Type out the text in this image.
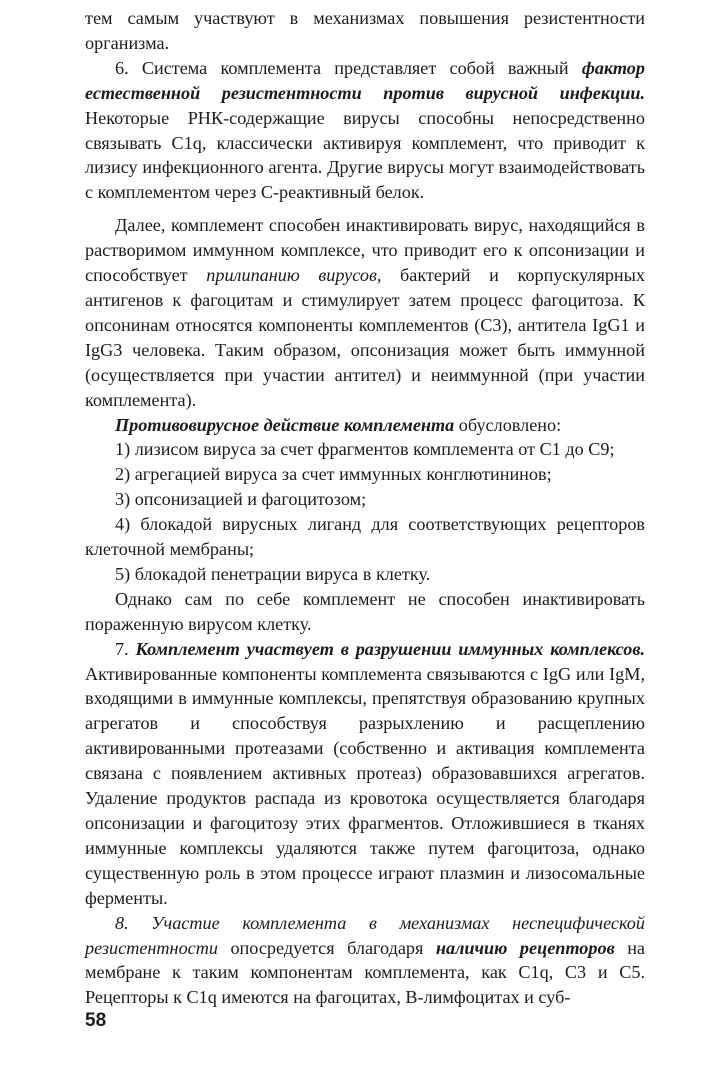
тем самым участвуют в механизмах повышения резистентности организма.

6. Система комплемента представляет собой важный фактор естественной резистентности против вирусной инфекции. Некоторые РНК-содержащие вирусы способны непосредственно связывать C1q, классически активируя комплемент, что приводит к лизису инфекционного агента. Другие вирусы могут взаимодействовать с комплементом через С-реактивный белок.

Далее, комплемент способен инактивировать вирус, находящийся в растворимом иммунном комплексе, что приводит его к опсонизации и способствует прилипанию вирусов, бактерий и корпускулярных антигенов к фагоцитам и стимулирует затем процесс фагоцитоза. К опсонинам относятся компоненты комплементов (C3), антитела IgG1 и IgG3 человека. Таким образом, опсонизация может быть иммунной (осуществляется при участии антител) и неиммунной (при участии комплемента).

Противовирусное действие комплемента обусловлено:

1) лизисом вируса за счет фрагментов комплемента от C1 до C9;

2) агрегацией вируса за счет иммунных конглютининов;

3) опсонизацией и фагоцитозом;

4) блокадой вирусных лиганд для соответствующих рецепторов клеточной мембраны;

5) блокадой пенетрации вируса в клетку.

Однако сам по себе комплемент не способен инактивировать пораженную вирусом клетку.

7. Комплемент участвует в разрушении иммунных комплексов. Активированные компоненты комплемента связываются с IgG или IgM, входящими в иммунные комплексы, препятствуя образованию крупных агрегатов и способствуя разрыхлению и расщеплению активированными протеазами (собственно и активация комплемента связана с появлением активных протеаз) образовавшихся агрегатов. Удаление продуктов распада из кровотока осуществляется благодаря опсонизации и фагоцитозу этих фрагментов. Отложившиеся в тканях иммунные комплексы удаляются также путем фагоцитоза, однако существенную роль в этом процессе играют плазмин и лизосомальные ферменты.

8. Участие комплемента в механизмах неспецифической резистентности опосредуется благодаря наличию рецепторов на мембране к таким компонентам комплемента, как C1q, C3 и C5. Рецепторы к C1q имеются на фагоцитах, В-лимфоцитах и суб-

58
